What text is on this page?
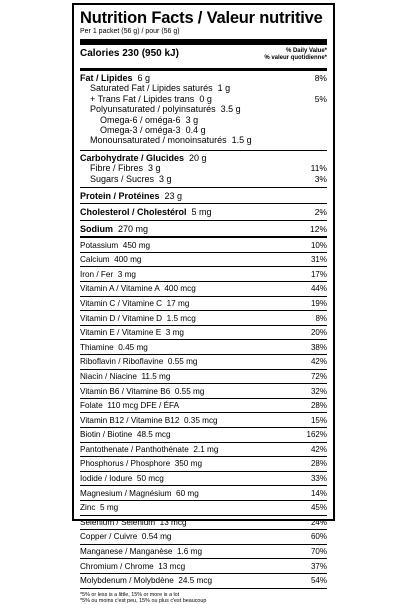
Nutrition Facts / Valeur nutritive
Per 1 packet (56 g) / pour (56 g)
Calories 230 (950 kJ)	% Daily Value*
% valeur quotidienne*
Fat / Lipides 6 g	8%
Saturated Fat / Lipides saturés 1 g
+ Trans Fat / Lipides trans 0 g	5%
Polyunsaturated / polyinsaturés 3.5 g
Omega-6 / oméga-6 3 g
Omega-3 / oméga-3 0.4 g
Monounsaturated / monoinsaturés 1.5 g
Carbohydrate / Glucides 20 g
Fibre / Fibres 3 g	11%
Sugars / Sucres 3 g	3%
Protein / Protéines 23 g
Cholesterol / Cholestérol 5 mg	2%
Sodium 270 mg	12%
Potassium 450 mg	10%
Calcium 400 mg	31%
Iron / Fer 3 mg	17%
Vitamin A / Vitamine A 400 mcg	44%
Vitamin C / Vitamine C 17 mg	19%
Vitamin D / Vitamine D 1.5 mcg	8%
Vitamin E / Vitamine E 3 mg	20%
Thiamine 0.45 mg	38%
Riboflavin / Riboflavine 0.55 mg	42%
Niacin / Niacine 11.5 mg	72%
Vitamin B6 / Vitamine B6 0.55 mg	32%
Folate 110 mcg DFE / ÉFA	28%
Vitamin B12 / Vitamine B12 0.35 mcg	15%
Biotin / Biotine 48.5 mcg	162%
Pantothenate / Panthothénate 2.1 mg	42%
Phosphorus / Phosphore 350 mg	28%
Iodide / Iodure 50 mcg	33%
Magnesium / Magnésium 60 mg	14%
Zinc 5 mg	45%
Selenium / Sélénium 13 mcg	24%
Copper / Cuivre 0.54 mg	60%
Manganese / Manganèse 1.6 mg	70%
Chromium / Chrome 13 mcg	37%
Molybdenum / Molybdène 24.5 mcg	54%
*5% or less is a little, 15% or more is a lot
*5% ou moins c'est peu, 15% ou plus c'est beaucoup
